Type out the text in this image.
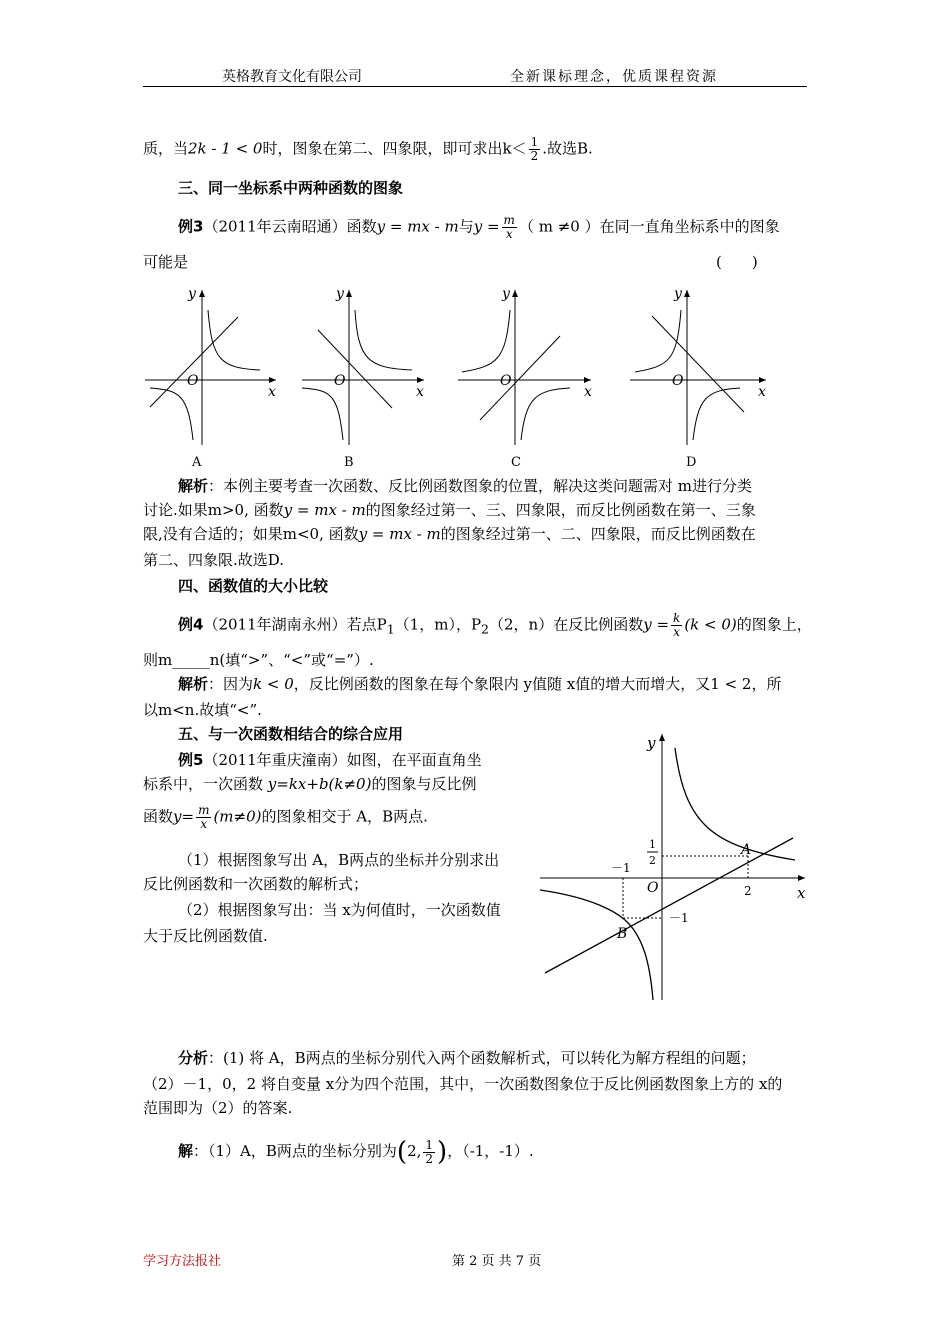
英格教育文化有限公司	全新课标理念，优质课程资源

质，当2k - 1 < 0时，图象在第二、四象限，即可求出$k< \frac{1}{2}$ .故选B.

三、同一坐标系中两种函数的图象

例3（2011年云南昭通）函数y = mx - m与$y = \frac{m}{x}$ （ m ≠0 ）在同一直角坐标系中的图象

可能是	(　　)

y
x
O
A
y
x
O
B
y
x
O
C
y
x
O
D

解析：本例主要考查一次函数、反比例函数图象的位置，解决这类问题需对 m进行分类

讨论.如果m>0, 函数y = mx - m的图象经过第一、三、四象限，而反比例函数在第一、三象

限,没有合适的；如果m<0, 函数y = mx - m的图象经过第一、二、四象限，而反比例函数在

第二、四象限.故选D.

四、函数值的大小比较

例4（2011年湖南永州）若点$P_1(1$，m），$P_2(2$，n）在反比例函数$y = \frac{k}{x} (k < 0)$的图象上，

则m_____n(填“>”、“<”或“=”）.

解析：因为k < 0，反比例函数的图象在每个象限内 y值随 x值的增大而增大，又1 < 2，所

以m<n.故填“<”.

五、与一次函数相结合的综合应用

例5（2011年重庆潼南）如图，在平面直角坐

标系中，一次函数 y=kx+b(k≠0)的图象与反比例

函数$y= \frac{m}{x} (m\ne 0)$的图象相交于 A，B两点.

（1）根据图象写出 A，B两点的坐标并分别求出

反比例函数和一次函数的解析式；

（2）根据图象写出：当 x为何值时，一次函数值

大于反比例函数值.

y
x
O
A
B
－1
－1
2
1
2

分析：(1) 将 A，B两点的坐标分别代入两个函数解析式，可以转化为解方程组的问题；

（2）－1，0，2 将自变量 x分为四个范围，其中，一次函数图象位于反比例函数图象上方的 x的

范围即为（2）的答案.

解：（1）A，B两点的坐标分别为(2, $\frac{1}{2}$ )，（-1，-1）.

学习方法报社	第 2 页 共 7 页
